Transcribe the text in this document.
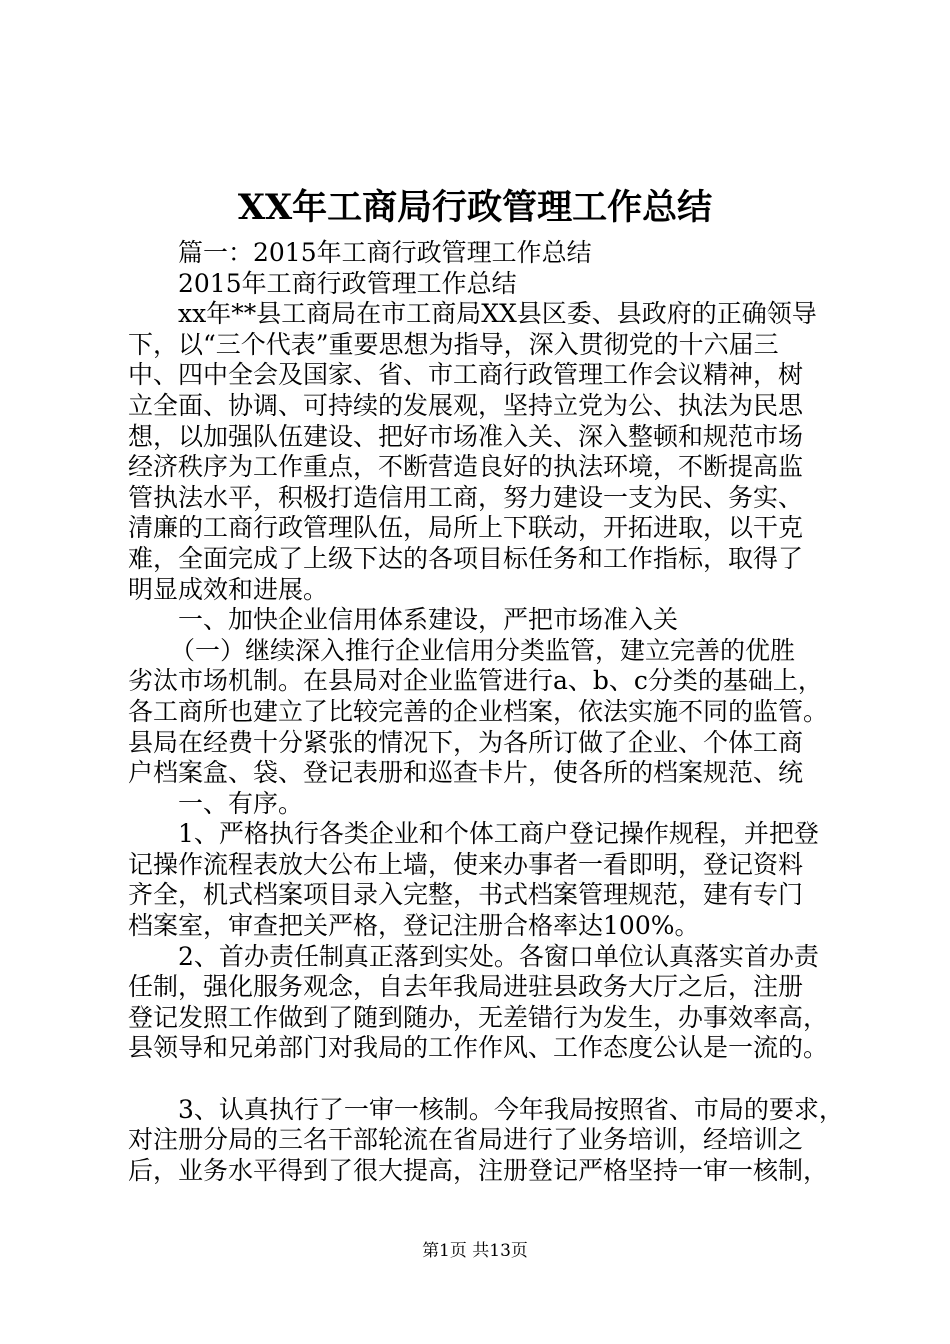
XX年工商局行政管理工作总结
篇一：2015年工商行政管理工作总结
2015年工商行政管理工作总结
xx年**县工商局在市工商局XX县区委、县政府的正确领导
下，以“三个代表”重要思想为指导，深入贯彻党的十六届三
中、四中全会及国家、省、市工商行政管理工作会议精神，树
立全面、协调、可持续的发展观，坚持立党为公、执法为民思
想，以加强队伍建设、把好市场准入关、深入整顿和规范市场
经济秩序为工作重点，不断营造良好的执法环境，不断提高监
管执法水平，积极打造信用工商，努力建设一支为民、务实、
清廉的工商行政管理队伍，局所上下联动，开拓进取，以干克
难，全面完成了上级下达的各项目标任务和工作指标，取得了
明显成效和进展。
一、加快企业信用体系建设，严把市场准入关
（一）继续深入推行企业信用分类监管，建立完善的优胜
劣汰市场机制。在县局对企业监管进行a、b、c分类的基础上，
各工商所也建立了比较完善的企业档案，依法实施不同的监管。
县局在经费十分紧张的情况下，为各所订做了企业、个体工商
户档案盒、袋、登记表册和巡查卡片，使各所的档案规范、统
一、有序。
1、严格执行各类企业和个体工商户登记操作规程，并把登
记操作流程表放大公布上墙，使来办事者一看即明，登记资料
齐全，机式档案项目录入完整，书式档案管理规范，建有专门
档案室，审查把关严格，登记注册合格率达100%。
2、首办责任制真正落到实处。各窗口单位认真落实首办责
任制，强化服务观念，自去年我局进驻县政务大厅之后，注册
登记发照工作做到了随到随办，无差错行为发生，办事效率高，
县领导和兄弟部门对我局的工作作风、工作态度公认是一流的。
3、认真执行了一审一核制。今年我局按照省、市局的要求，
对注册分局的三名干部轮流在省局进行了业务培训，经培训之
后，业务水平得到了很大提高，注册登记严格坚持一审一核制，
第1页 共13页
